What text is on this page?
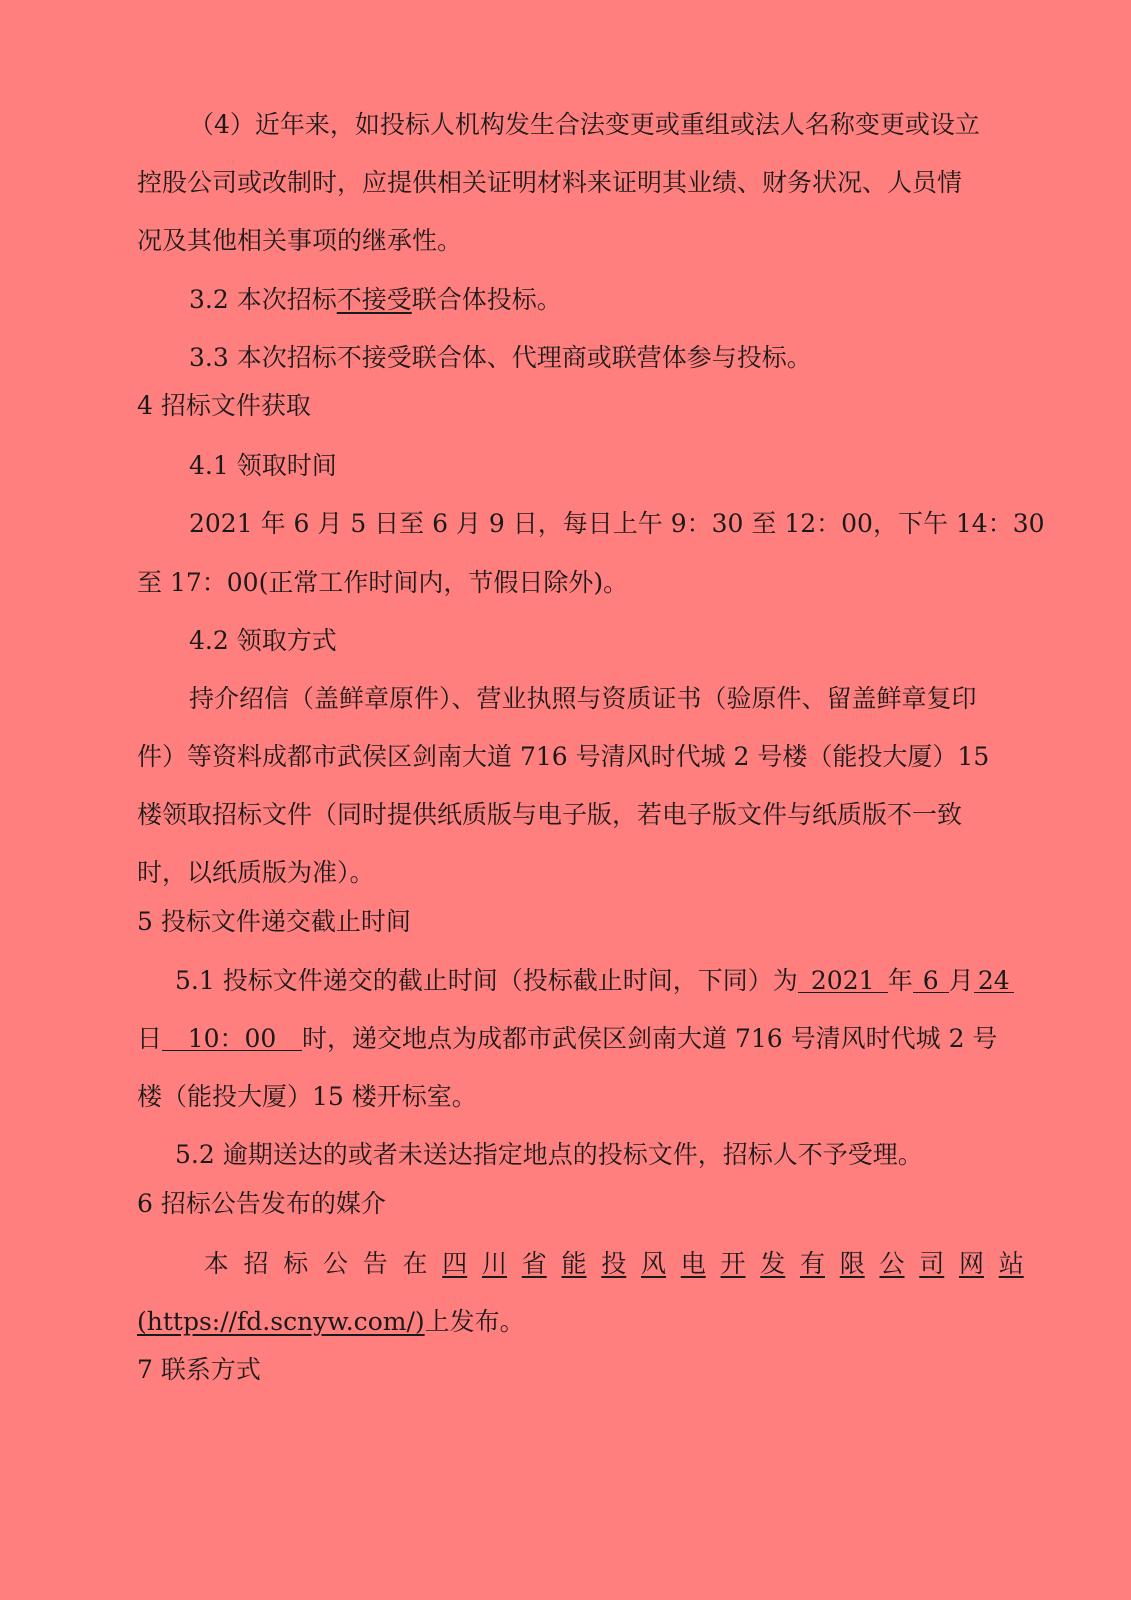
（4）近年来，如投标人机构发生合法变更或重组或法人名称变更或设立
控股公司或改制时，应提供相关证明材料来证明其业绩、财务状况、人员情
况及其他相关事项的继承性。
3.2 本次招标不接受联合体投标。
3.3 本次招标不接受联合体、代理商或联营体参与投标。
4 招标文件获取
4.1 领取时间
2021 年 6 月 5 日至 6 月 9 日，每日上午 9：30 至 12：00，下午 14：30
至 17：00(正常工作时间内，节假日除外)。
4.2 领取方式
持介绍信（盖鲜章原件）、营业执照与资质证书（验原件、留盖鲜章复印
件）等资料成都市武侯区剑南大道 716 号清风时代城 2 号楼（能投大厦）15
楼领取招标文件（同时提供纸质版与电子版，若电子版文件与纸质版不一致
时，以纸质版为准）。
5 投标文件递交截止时间
5.1 投标文件递交的截止时间（投标截止时间，下同）为 2021 年 6 月 24
日 10：00 时，递交地点为成都市武侯区剑南大道 716 号清风时代城 2 号
楼（能投大厦）15 楼开标室。
5.2 逾期送达的或者未送达指定地点的投标文件，招标人不予受理。
6 招标公告发布的媒介
本 招 标 公 告 在 四 川 省 能 投 风 电 开 发 有 限 公 司 网 站
(https://fd.scnyw.com/)上发布。
7 联系方式
